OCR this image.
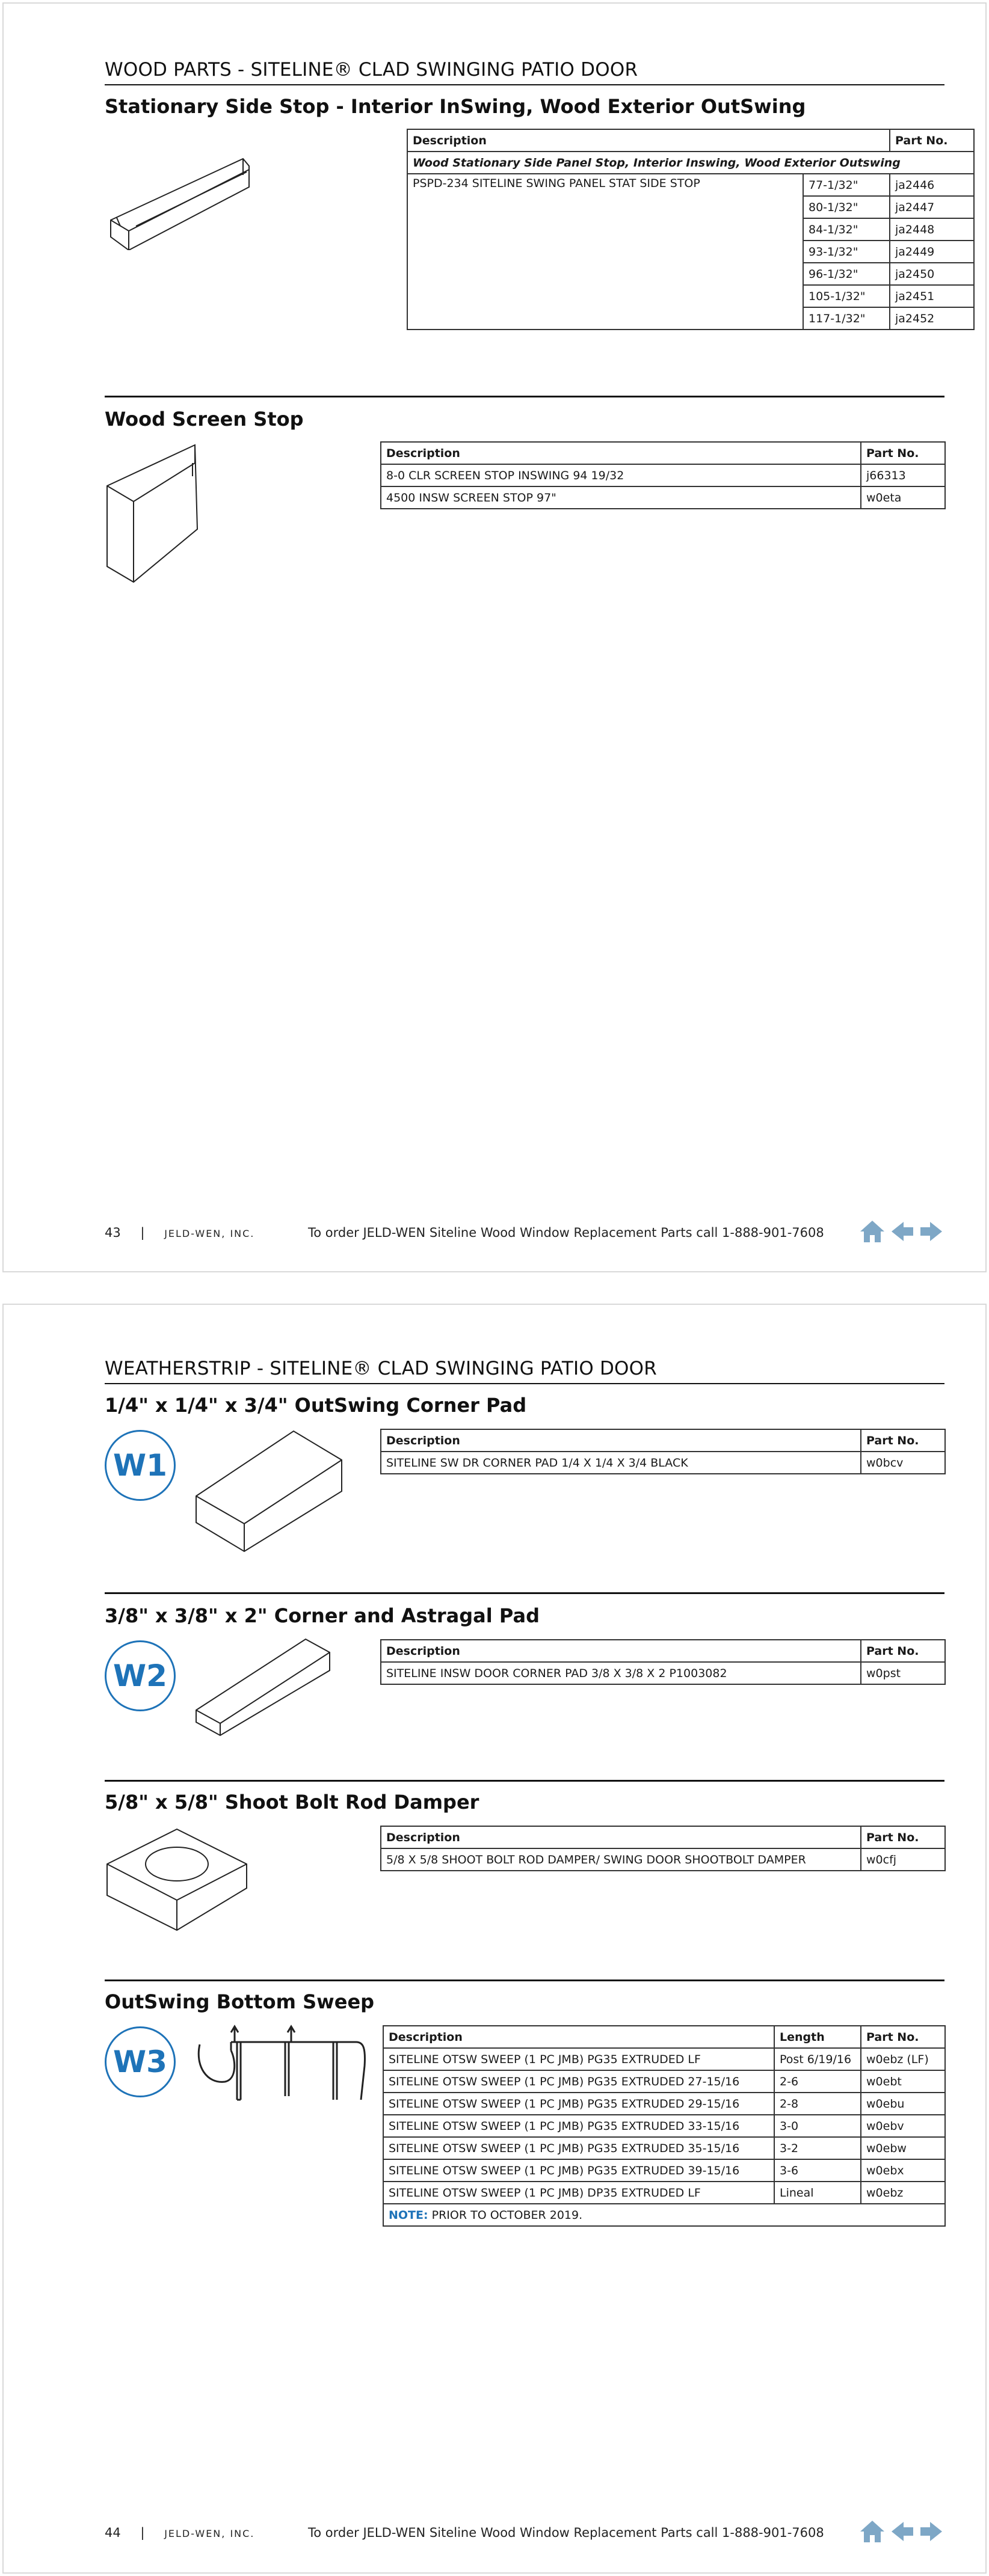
WOOD PARTS - SITELINE® CLAD SWINGING PATIO DOOR
Stationary Side Stop - Interior InSwing, Wood Exterior OutSwing
Description		Part No.
Wood Stationary Side Panel Stop, Interior Inswing, Wood Exterior Outswing		
PSPD-234 SITELINE SWING PANEL STAT SIDE STOP	77-1/32"	ja2446
	80-1/32"	ja2447
	84-1/32"	ja2448
	93-1/32"	ja2449
	96-1/32"	ja2450
	105-1/32"	ja2451
	117-1/32"	ja2452
Wood Screen Stop
Description	Part No.
8-0 CLR SCREEN STOP INSWING 94 19/32	j66313
4500 INSW SCREEN STOP 97"	w0eta
43 | JELD-WEN, INC.	To order JELD-WEN Siteline Wood Window Replacement Parts call 1-888-901-7608
WEATHERSTRIP - SITELINE® CLAD SWINGING PATIO DOOR
1/4" x 1/4" x 3/4" OutSwing Corner Pad
W1
Description	Part No.
SITELINE SW DR CORNER PAD 1/4 X 1/4 X 3/4 BLACK	w0bcv
3/8" x 3/8" x 2" Corner and Astragal Pad
W2
Description	Part No.
SITELINE INSW DOOR CORNER PAD 3/8 X 3/8 X 2 P1003082	w0pst
5/8" x 5/8" Shoot Bolt Rod Damper
Description	Part No.
5/8 X 5/8 SHOOT BOLT ROD DAMPER/ SWING DOOR SHOOTBOLT DAMPER	w0cfj
OutSwing Bottom Sweep
W3
Description	Length	Part No.
SITELINE OTSW SWEEP (1 PC JMB) PG35 EXTRUDED LF	Post 6/19/16	w0ebz (LF)
SITELINE OTSW SWEEP (1 PC JMB) PG35 EXTRUDED 27-15/16	2-6	w0ebt
SITELINE OTSW SWEEP (1 PC JMB) PG35 EXTRUDED 29-15/16	2-8	w0ebu
SITELINE OTSW SWEEP (1 PC JMB) PG35 EXTRUDED 33-15/16	3-0	w0ebv
SITELINE OTSW SWEEP (1 PC JMB) PG35 EXTRUDED 35-15/16	3-2	w0ebw
SITELINE OTSW SWEEP (1 PC JMB) PG35 EXTRUDED 39-15/16	3-6	w0ebx
SITELINE OTSW SWEEP (1 PC JMB) DP35 EXTRUDED LF	Lineal	w0ebz
NOTE: PRIOR TO OCTOBER 2019.		
44 | JELD-WEN, INC.	To order JELD-WEN Siteline Wood Window Replacement Parts call 1-888-901-7608
